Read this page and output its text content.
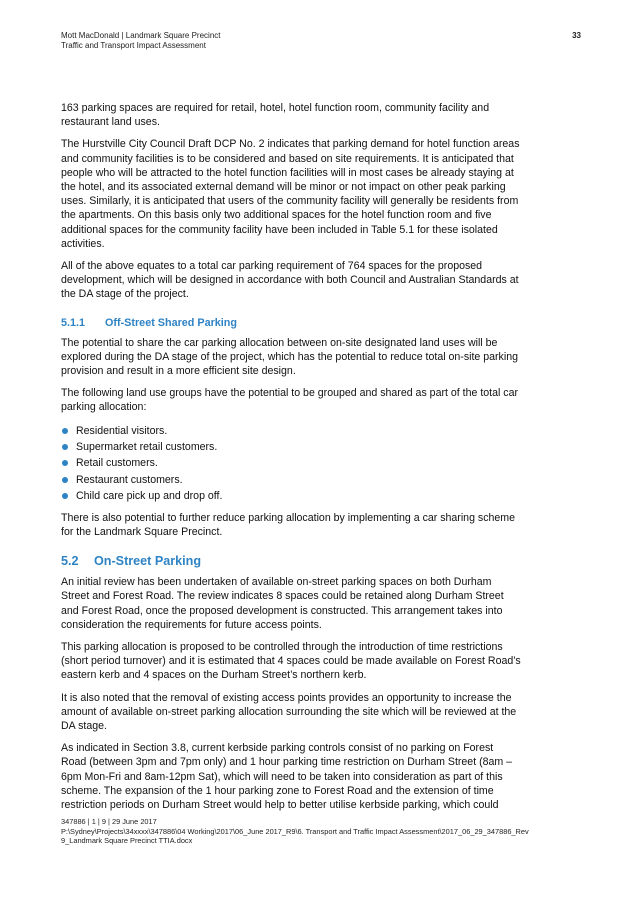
Mott MacDonald | Landmark Square Precinct
Traffic and Transport Impact Assessment
33

163 parking spaces are required for retail, hotel, hotel function room, community facility and restaurant land uses.

The Hurstville City Council Draft DCP No. 2 indicates that parking demand for hotel function areas and community facilities is to be considered and based on site requirements. It is anticipated that people who will be attracted to the hotel function facilities will in most cases be already staying at the hotel, and its associated external demand will be minor or not impact on other peak parking uses. Similarly, it is anticipated that users of the community facility will generally be residents from the apartments. On this basis only two additional spaces for the hotel function room and five additional spaces for the community facility have been included in Table 5.1 for these isolated activities.

All of the above equates to a total car parking requirement of 764 spaces for the proposed development, which will be designed in accordance with both Council and Australian Standards at the DA stage of the project.

5.1.1 Off-Street Shared Parking

The potential to share the car parking allocation between on-site designated land uses will be explored during the DA stage of the project, which has the potential to reduce total on-site parking provision and result in a more efficient site design.

The following land use groups have the potential to be grouped and shared as part of the total car parking allocation:

Residential visitors.
Supermarket retail customers.
Retail customers.
Restaurant customers.
Child care pick up and drop off.

There is also potential to further reduce parking allocation by implementing a car sharing scheme for the Landmark Square Precinct.

5.2 On-Street Parking

An initial review has been undertaken of available on-street parking spaces on both Durham Street and Forest Road. The review indicates 8 spaces could be retained along Durham Street and Forest Road, once the proposed development is constructed. This arrangement takes into consideration the requirements for future access points.

This parking allocation is proposed to be controlled through the introduction of time restrictions (short period turnover) and it is estimated that 4 spaces could be made available on Forest Road’s eastern kerb and 4 spaces on the Durham Street’s northern kerb.

It is also noted that the removal of existing access points provides an opportunity to increase the amount of available on-street parking allocation surrounding the site which will be reviewed at the DA stage.

As indicated in Section 3.8, current kerbside parking controls consist of no parking on Forest Road (between 3pm and 7pm only) and 1 hour parking time restriction on Durham Street (8am – 6pm Mon-Fri and 8am-12pm Sat), which will need to be taken into consideration as part of this scheme. The expansion of the 1 hour parking zone to Forest Road and the extension of time restriction periods on Durham Street would help to better utilise kerbside parking, which could

347886 | 1 | 9 | 29 June 2017
P:\Sydney\Projects\34xxxx\347886\04 Working\2017\06_June 2017_R9\6. Transport and Traffic Impact Assessment\2017_06_29_347886_Rev
9_Landmark Square Precinct TTIA.docx
